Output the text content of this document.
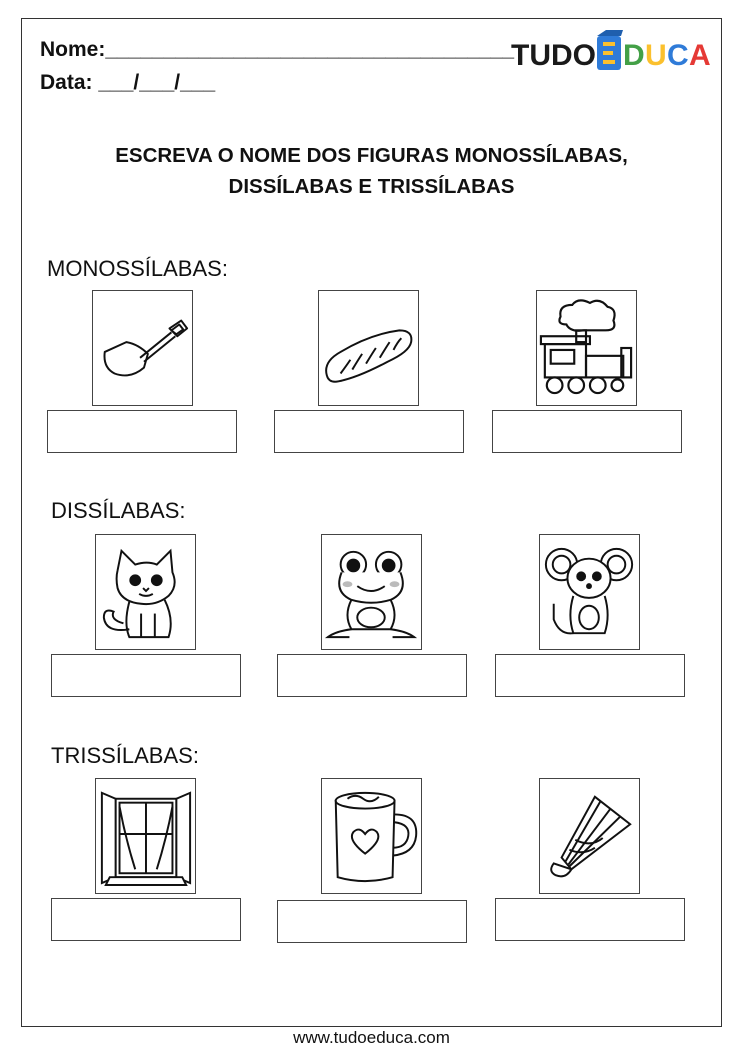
Nome:___________________________________
Data: ___/___/___
TUDO D U C A
ESCREVA O NOME DOS FIGURAS MONOSSÍLABAS,
DISSÍLABAS E TRISSÍLABAS
MONOSSÍLABAS:
DISSÍLABAS:
TRISSÍLABAS:
www.tudoeduca.com
